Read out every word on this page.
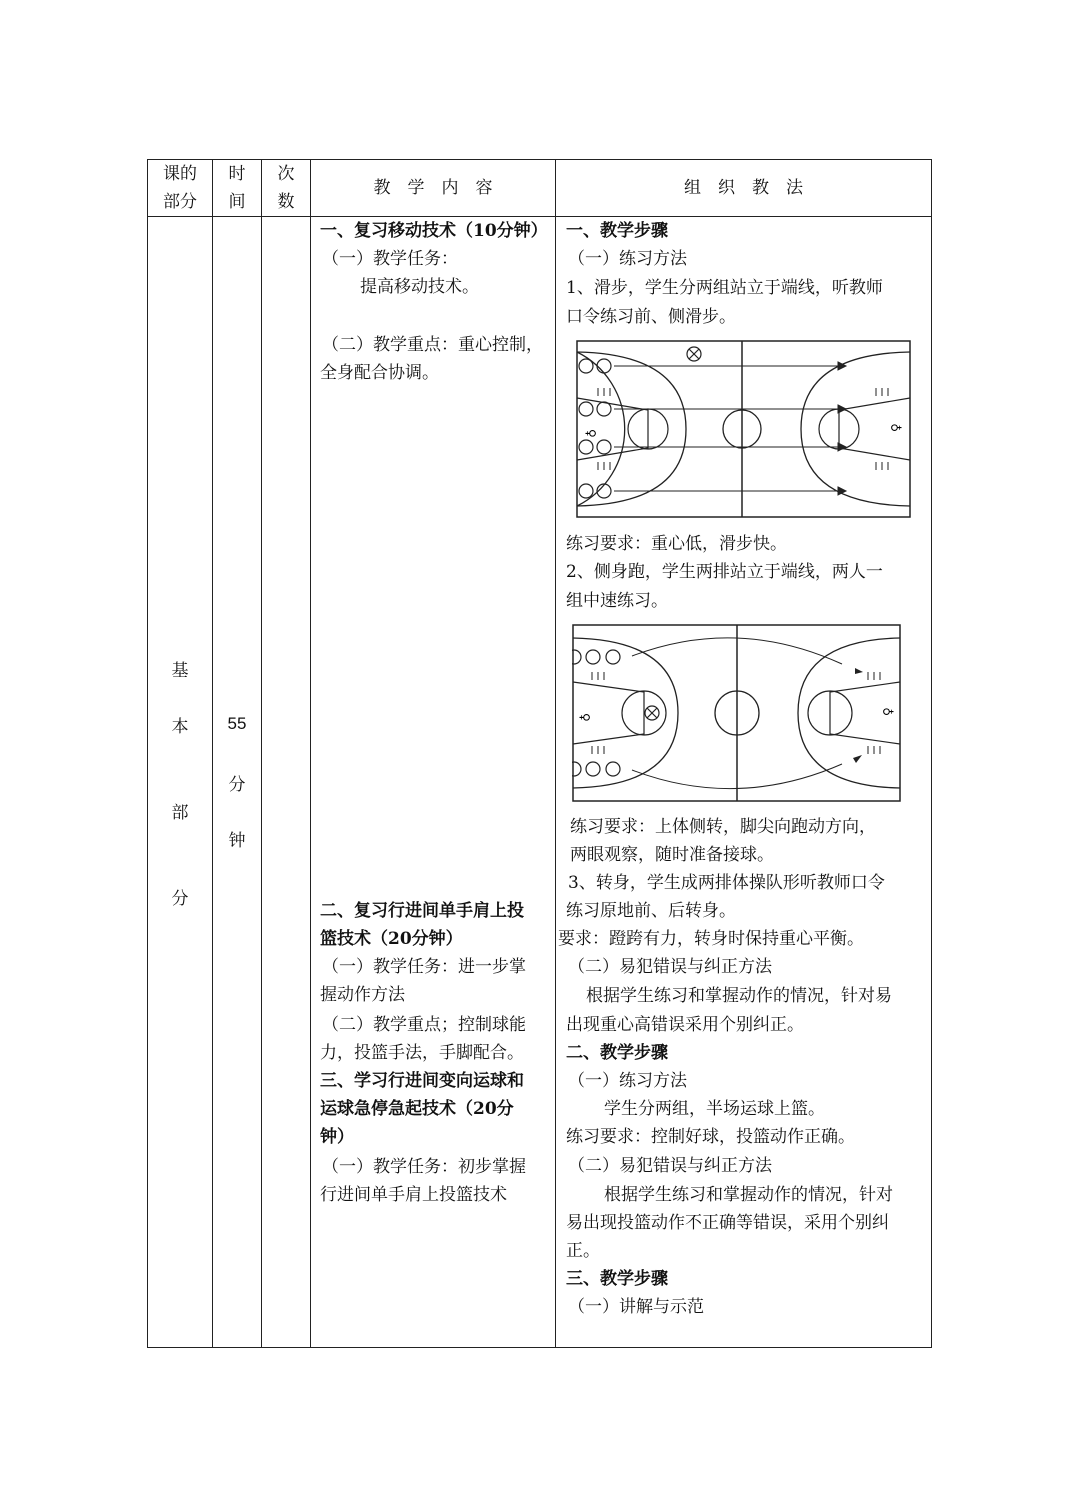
课的
部分
时
间
次
数
教　学　内　容	组　织　教　法
基
本
部
分
55
分
钟
一、复习移动技术（10分钟）
（一）教学任务：
提高移动技术。
（二）教学重点：重心控制，
全身配合协调。
二、复习行进间单手肩上投
篮技术（20分钟）
（一）教学任务：进一步掌
握动作方法
（二）教学重点；控制球能
力，投篮手法，手脚配合。
三、学习行进间变向运球和
运球急停急起技术（20分
钟）
（一）教学任务：初步掌握
行进间单手肩上投篮技术
一、教学步骤
（一）练习方法
1、滑步，学生分两组站立于端线，听教师
口令练习前、侧滑步。
♀
♀
练习要求：重心低，滑步快。
2、侧身跑，学生两排站立于端线，两人一
组中速练习。
♀
♀
练习要求：上体侧转，脚尖向跑动方向，
两眼观察，随时准备接球。
3、转身，学生成两排体操队形听教师口令
练习原地前、后转身。
要求：蹬跨有力，转身时保持重心平衡。
（二）易犯错误与纠正方法
根据学生练习和掌握动作的情况，针对易
出现重心高错误采用个别纠正。
二、教学步骤
（一）练习方法
学生分两组，半场运球上篮。
练习要求：控制好球，投篮动作正确。
（二）易犯错误与纠正方法
根据学生练习和掌握动作的情况，针对
易出现投篮动作不正确等错误，采用个别纠
正。
三、教学步骤
（一）讲解与示范
